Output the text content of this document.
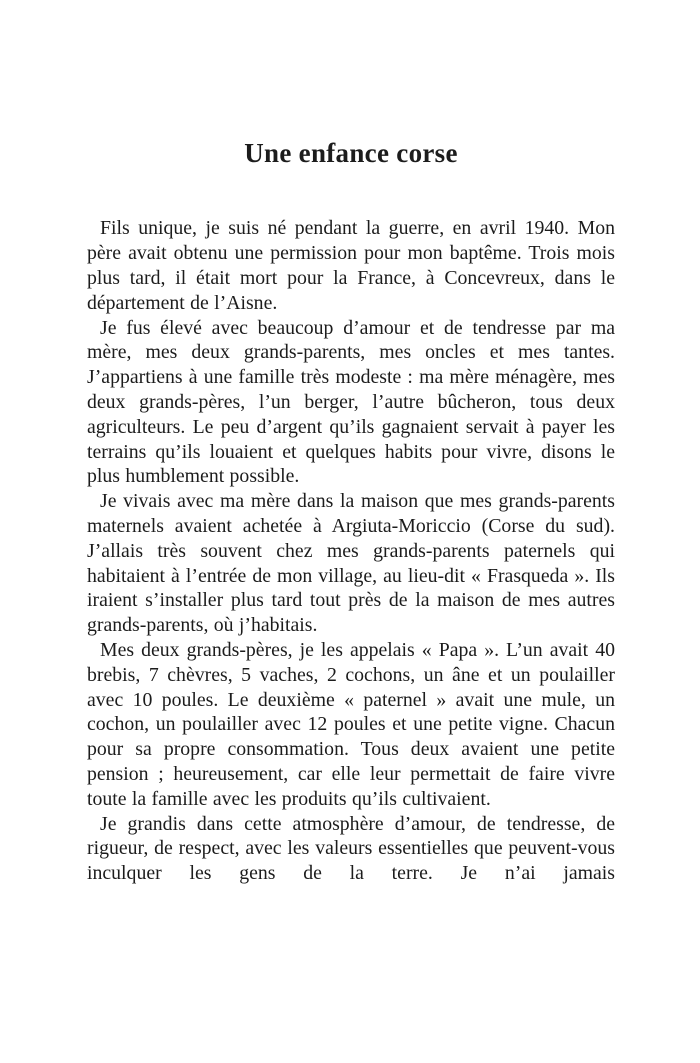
Une enfance corse

Fils unique, je suis né pendant la guerre, en avril 1940. Mon père avait obtenu une permission pour mon baptême. Trois mois plus tard, il était mort pour la France, à Concevreux, dans le département de l’Aisne.

Je fus élevé avec beaucoup d’amour et de tendresse par ma mère, mes deux grands-parents, mes oncles et mes tantes. J’appartiens à une famille très modeste : ma mère ménagère, mes deux grands-pères, l’un berger, l’autre bûcheron, tous deux agriculteurs. Le peu d’argent qu’ils gagnaient servait à payer les terrains qu’ils louaient et quelques habits pour vivre, disons le plus humblement possible.

Je vivais avec ma mère dans la maison que mes grands-parents maternels avaient achetée à Argiuta-Moriccio (Corse du sud). J’allais très souvent chez mes grands-parents paternels qui habitaient à l’entrée de mon village, au lieu-dit « Frasqueda ». Ils iraient s’installer plus tard tout près de la maison de mes autres grands-parents, où j’habitais.

Mes deux grands-pères, je les appelais « Papa ». L’un avait 40 brebis, 7 chèvres, 5 vaches, 2 cochons, un âne et un poulailler avec 10 poules. Le deuxième « paternel » avait une mule, un cochon, un poulailler avec 12 poules et une petite vigne. Chacun pour sa propre consommation. Tous deux avaient une petite pension ; heureusement, car elle leur permettait de faire vivre toute la famille avec les produits qu’ils cultivaient.

Je grandis dans cette atmosphère d’amour, de tendresse, de rigueur, de respect, avec les valeurs essentielles que peuvent-vous inculquer les gens de la terre. Je n’ai jamais
